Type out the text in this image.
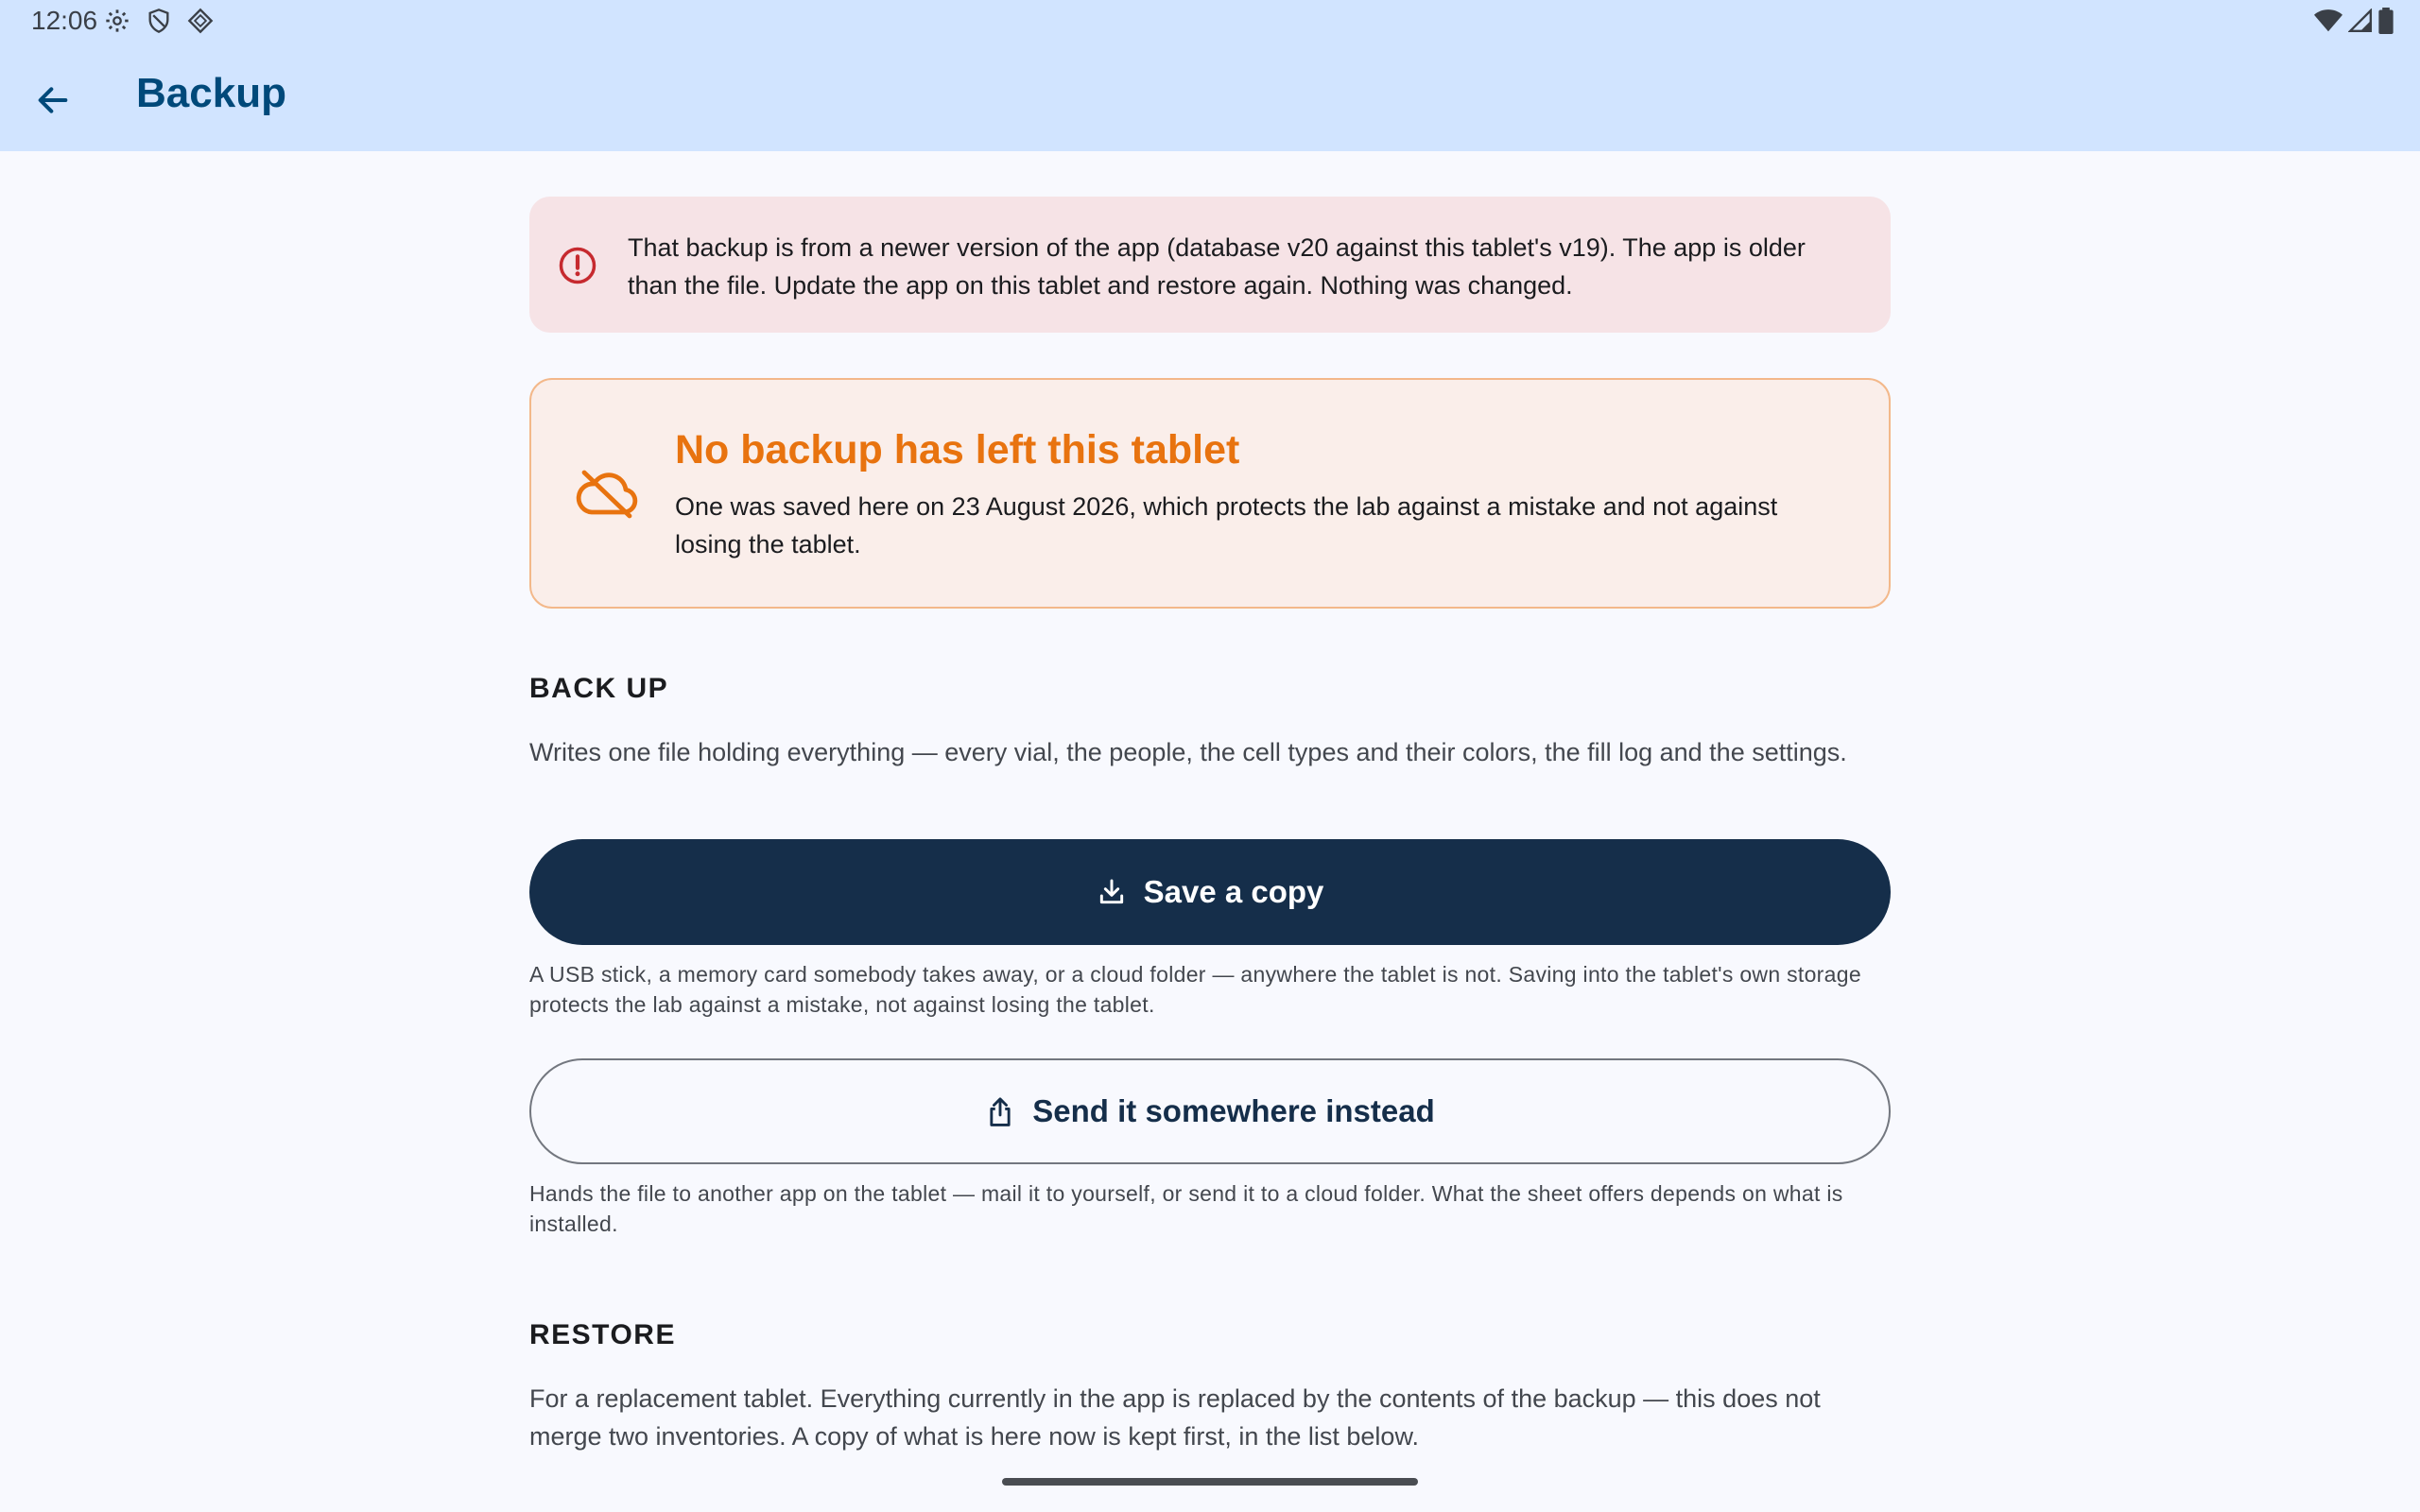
12:06
Backup
That backup is from a newer version of the app (database v20 against this tablet's v19). The app is older than the file. Update the app on this tablet and restore again. Nothing was changed.
No backup has left this tablet
One was saved here on 23 August 2026, which protects the lab against a mistake and not against losing the tablet.
BACK UP
Writes one file holding everything — every vial, the people, the cell types and their colors, the fill log and the settings.
Save a copy
A USB stick, a memory card somebody takes away, or a cloud folder — anywhere the tablet is not. Saving into the tablet's own storage protects the lab against a mistake, not against losing the tablet.
Send it somewhere instead
Hands the file to another app on the tablet — mail it to yourself, or send it to a cloud folder. What the sheet offers depends on what is installed.
RESTORE
For a replacement tablet. Everything currently in the app is replaced by the contents of the backup — this does not merge two inventories. A copy of what is here now is kept first, in the list below.
